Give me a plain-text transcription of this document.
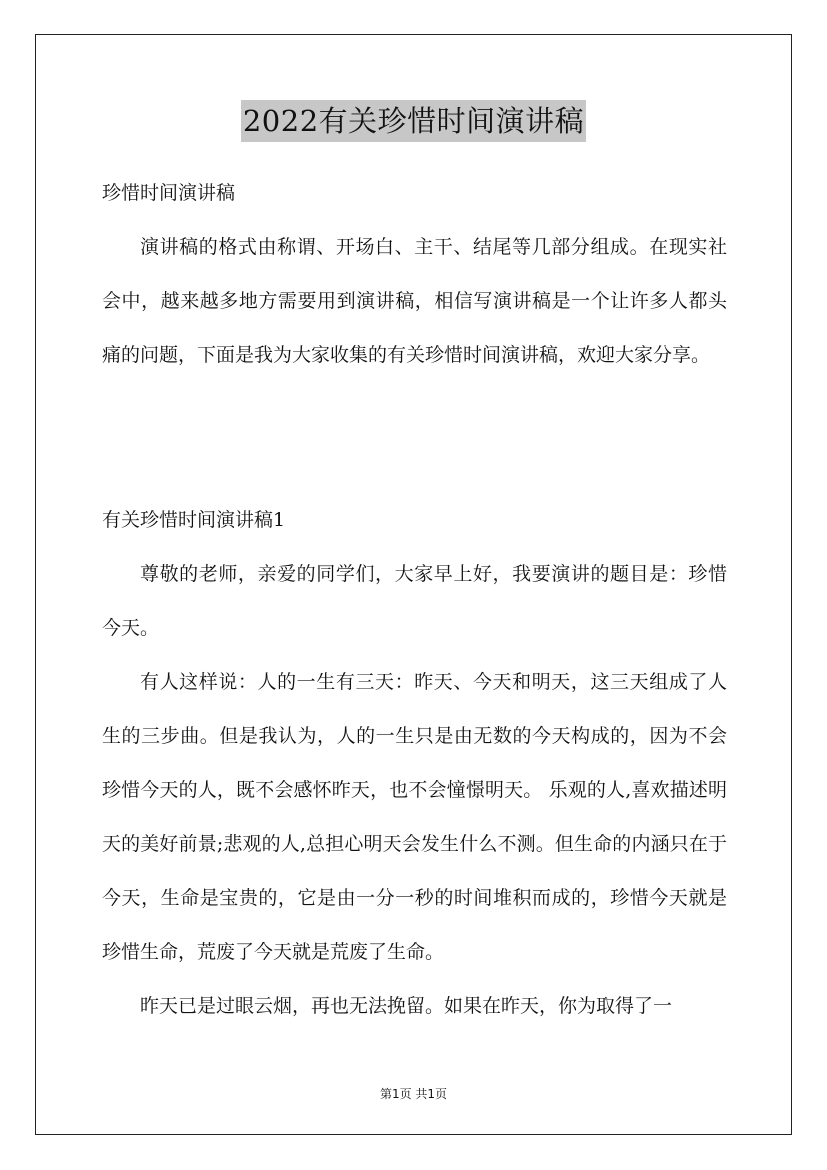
2022有关珍惜时间演讲稿
珍惜时间演讲稿

演讲稿的格式由称谓、开场白、主干、结尾等几部分组成。在现实社会中，越来越多地方需要用到演讲稿，相信写演讲稿是一个让许多人都头痛的问题，下面是我为大家收集的有关珍惜时间演讲稿，欢迎大家分享。

有关珍惜时间演讲稿1

尊敬的老师，亲爱的同学们，大家早上好，我要演讲的题目是：珍惜今天。

有人这样说：人的一生有三天：昨天、今天和明天，这三天组成了人生的三步曲。但是我认为，人的一生只是由无数的今天构成的，因为不会珍惜今天的人，既不会感怀昨天，也不会憧憬明天。 乐观的人,喜欢描述明天的美好前景;悲观的人,总担心明天会发生什么不测。但生命的内涵只在于今天，生命是宝贵的，它是由一分一秒的时间堆积而成的，珍惜今天就是珍惜生命，荒废了今天就是荒废了生命。

昨天已是过眼云烟，再也无法挽留。如果在昨天，你为取得了一

第1页 共1页
